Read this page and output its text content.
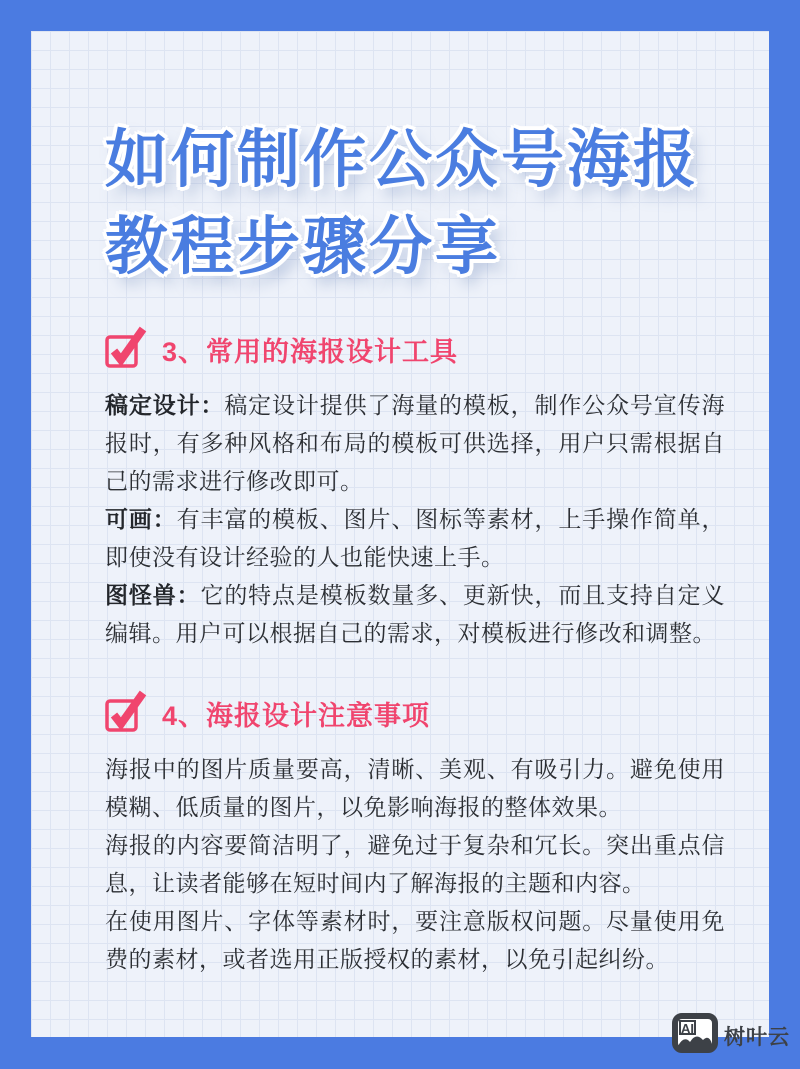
如何制作公众号海报
教程步骤分享
3、常用的海报设计工具

稿定设计：稿定设计提供了海量的模板，制作公众号宣传海报时，有多种风格和布局的模板可供选择，用户只需根据自己的需求进行修改即可。

可画：有丰富的模板、图片、图标等素材，上手操作简单，即使没有设计经验的人也能快速上手。

图怪兽：它的特点是模板数量多、更新快，而且支持自定义编辑。用户可以根据自己的需求，对模板进行修改和调整。

4、海报设计注意事项

海报中的图片质量要高，清晰、美观、有吸引力。避免使用模糊、低质量的图片，以免影响海报的整体效果。

海报的内容要简洁明了，避免过于复杂和冗长。突出重点信息，让读者能够在短时间内了解海报的主题和内容。

在使用图片、字体等素材时，要注意版权问题。尽量使用免费的素材，或者选用正版授权的素材，以免引起纠纷。

AI 树叶云
